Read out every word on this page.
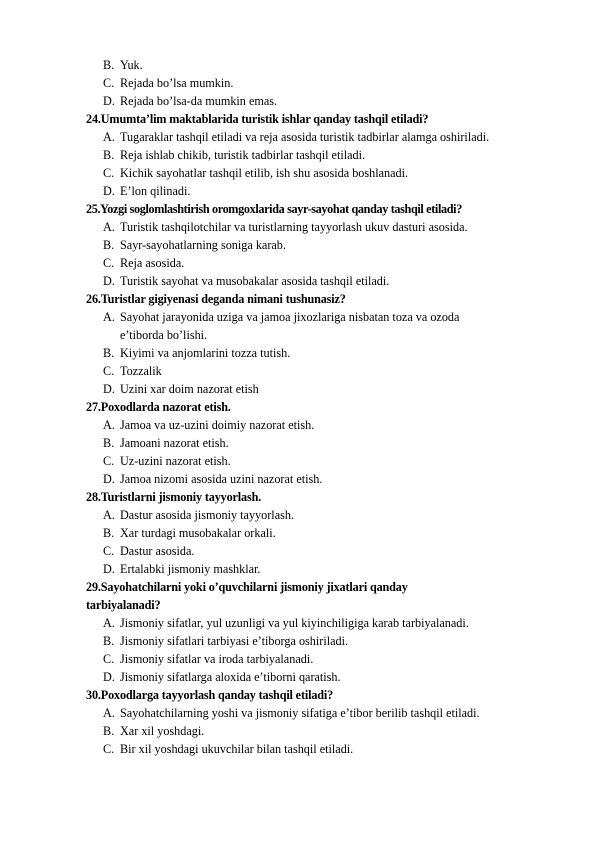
B. Yuk.
C. Rejada bo’lsa mumkin.
D. Rejada bo’lsa-da mumkin emas.
24.Umumta’lim maktablarida turistik ishlar qanday tashqil etiladi?
A. Tugaraklar tashqil etiladi va reja asosida turistik tadbirlar alamga oshiriladi.
B. Reja ishlab chikib, turistik tadbirlar tashqil etiladi.
C. Kichik sayohatlar tashqil etilib, ish shu asosida boshlanadi.
D. E’lon qilinadi.
25.Yozgi soglomlashtirish oromgoxlarida sayr-sayohat qanday tashqil etiladi?
A. Turistik tashqilotchilar va turistlarning tayyorlash ukuv dasturi asosida.
B. Sayr-sayohatlarning soniga karab.
C. Reja asosida.
D. Turistik sayohat va musobakalar asosida tashqil etiladi.
26.Turistlar gigiyenasi deganda nimani tushunasiz?
A. Sayohat jarayonida uziga va jamoa jixozlariga nisbatan toza va ozoda
e’tiborda bo’lishi.
B. Kiyimi va anjomlarini tozza tutish.
C. Tozzalik
D. Uzini xar doim nazorat etish
27.Poxodlarda nazorat etish.
A. Jamoa va uz-uzini doimiy nazorat etish.
B. Jamoani nazorat etish.
C. Uz-uzini nazorat etish.
D. Jamoa nizomi asosida uzini nazorat etish.
28.Turistlarni jismoniy tayyorlash.
A. Dastur asosida jismoniy tayyorlash.
B. Xar turdagi musobakalar orkali.
C. Dastur asosida.
D. Ertalabki jismoniy mashklar.
29.Sayohatchilarni yoki o’quvchilarni jismoniy jixatlari qanday
tarbiyalanadi?
A. Jismoniy sifatlar, yul uzunligi va yul kiyinchiligiga karab tarbiyalanadi.
B. Jismoniy sifatlari tarbiyasi e’tiborga oshiriladi.
C. Jismoniy sifatlar va iroda tarbiyalanadi.
D. Jismoniy sifatlarga aloxida e’tiborni qaratish.
30.Poxodlarga tayyorlash qanday tashqil etiladi?
A. Sayohatchilarning yoshi va jismoniy sifatiga e’tibor berilib tashqil etiladi.
B. Xar xil yoshdagi.
C. Bir xil yoshdagi ukuvchilar bilan tashqil etiladi.
